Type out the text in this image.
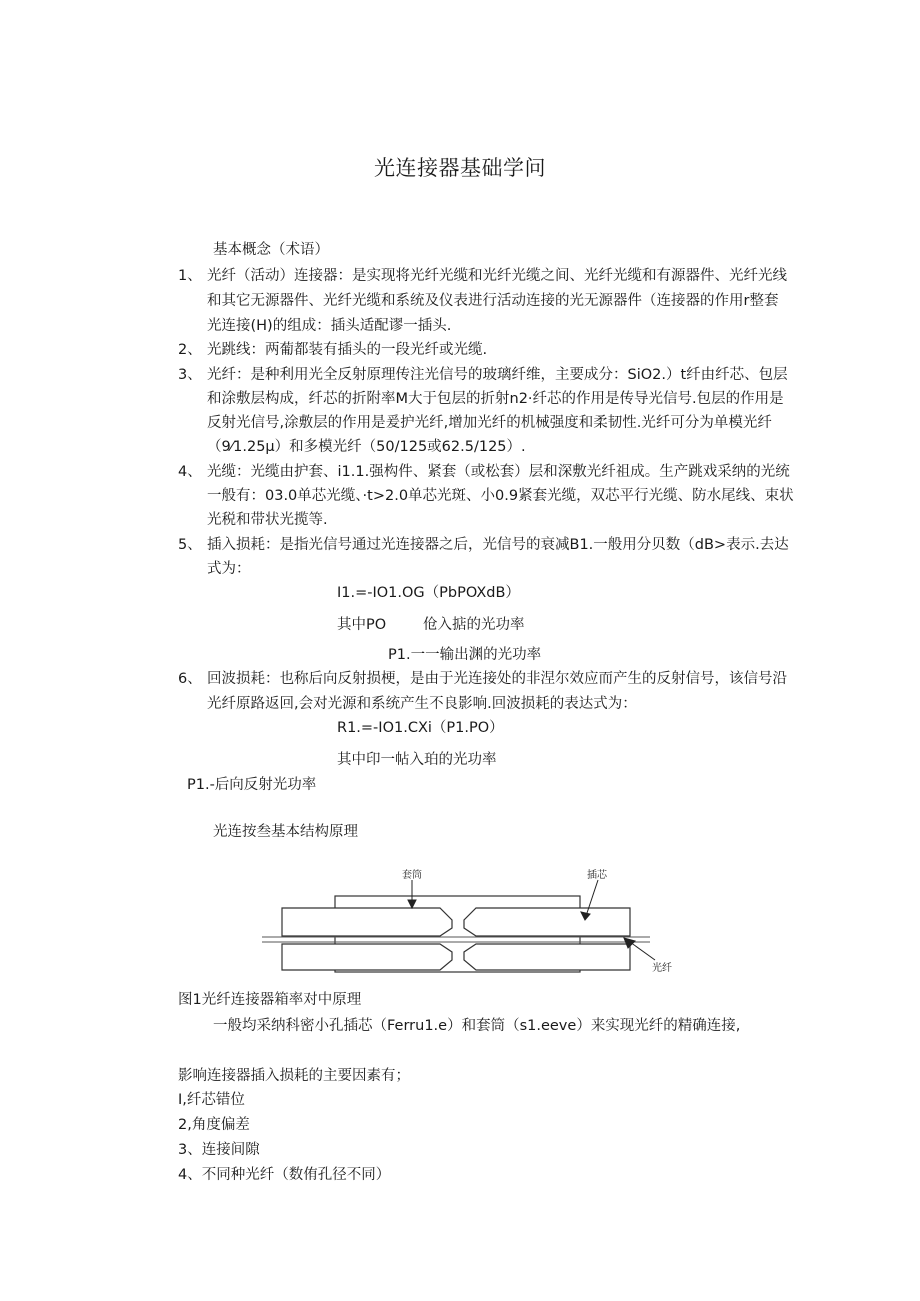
光连接器基础学问
基本概念（术语）
1、 光纤（活动）连接器：是实现将光纤光缆和光纤光缆之间、光纤光缆和有源器件、光纤光线
和其它无源器件、光纤光缆和系统及仪表进行活动连接的光无源器件（连接器的作用r整套
光连接(H)的组成：插头适配谬一插头.
2、 光跳线：两葡都装有插头的一段光纤或光缆.
3、 光纤：是种利用光全反射原理传注光信号的玻璃纤维，主要成分：SiO2.）t纤由纤芯、包层
和涂敷层构成，纤芯的折附率M大于包层的折射n2·纤芯的作用是传导光信号.包层的作用是
反射光信号,涂敷层的作用是爰护光纤,增加光纤的机械强度和柔韧性.光纤可分为单模光纤
（9⁄1.25μ）和多模光纤（50/125或62.5/125）.
4、 光缆：光缆由护套、i1.1.强构件、紧套（或松套）层和深敷光纤祖成。生产跳戏采纳的光统
一般有：03.0单芯光缆、·t>2.0单芯光斑、小0.9紧套光缆，双芯平行光缆、防水尾线、束状
光税和带状光揽等.
5、 插入损耗：是指光信号通过光连接器之后，光信号的衰减B1.一般用分贝数（dB>表示.去达
式为：
I1.=-IO1.OG（PbPOXdB）
其中PO	伧入掂的光功率
P1.一一输出渊的光功率
6、 回波损耗：也称后向反射损梗，是由于光连接处的非涅尔效应而产生的反射信号，该信号沿
光纤原路返回,会对光源和系统产生不良影响.回波损耗的表达式为：
R1.=-IO1.CXi（P1.PO）
其中印一帖入珀的光功率
P1.-后向反射光功率
光连按叁基本结构原理
套筒	插芯
光纤
图1光纤连接器箱率对中原理
一般均采纳科密小孔插芯（Ferru1.e）和套筒（s1.eeve）来实现光纤的精确连接,
影响连接器插入损耗的主要因素有；
I,纤芯错位
2,角度偏差
3、连接间隙
4、不同种光纤（数侑孔径不同）
